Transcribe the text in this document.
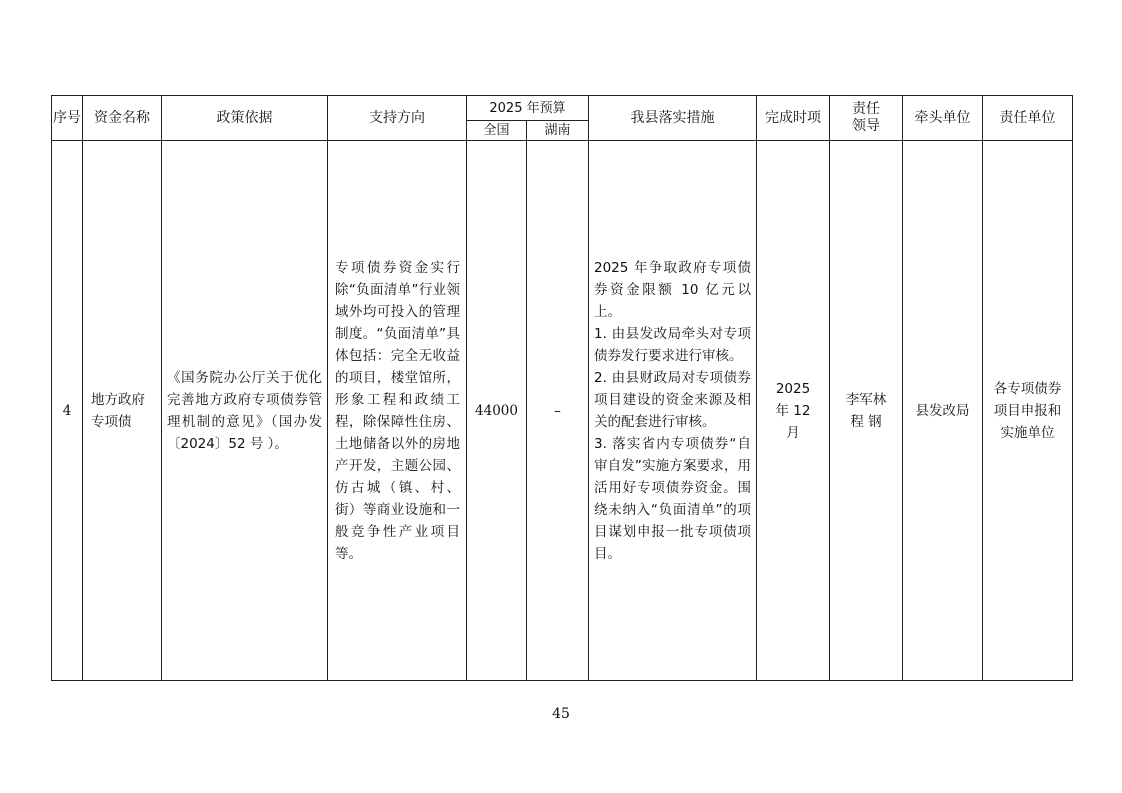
序号	资金名称	政策依据	支持方向	2025 年预算		我县落实措施	完成时项	责任领导	牵头单位	责任单位
				全国	湖南					
4	地方政府专项债	《国务院办公厅关于优化完善地方政府专项债券管理机制的意见》（国办发〔2024〕52 号 ）。	专项债券资金实行除“负面清单”行业领域外均可投入的管理制度。“负面清单”具体包括：完全无收益的项目，楼堂馆所，形象工程和政绩工程，除保障性住房、土地储备以外的房地产开发，主题公园、仿古城（镇、村、街）等商业设施和一般竞争性产业项目等。	44000	–	2025 年争取政府专项债券资金限额 10 亿元以上。
1. 由县发改局牵头对专项债券发行要求进行审核。
2. 由县财政局对专项债券项目建设的资金来源及相关的配套进行审核。
3. 落实省内专项债券“自审自发”实施方案要求，用活用好专项债券资金。围绕未纳入“负面清单”的项目谋划申报一批专项债项目。	2025 年 12 月	李军林 程 钢	县发改局	各专项债券项目申报和实施单位
45
